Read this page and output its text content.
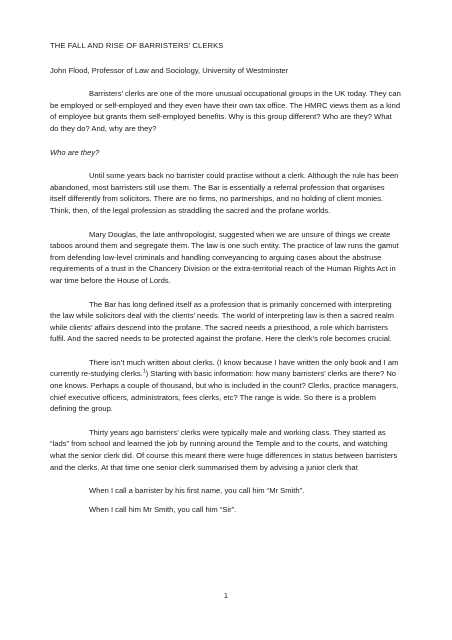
THE FALL AND RISE OF BARRISTERS’ CLERKS

John Flood, Professor of Law and Sociology, University of Westminster

Barristers’ clerks are one of the more unusual occupational groups in the UK today. They can be employed or self-employed and they even have their own tax office. The HMRC views them as a kind of employee but grants them self-employed benefits. Why is this group different? Who are they? What do they do? And, why are they?

Who are they?

Until some years back no barrister could practise without a clerk. Although the rule has been abandoned, most barristers still use them. The Bar is essentially a referral profession that organises itself differently from solicitors. There are no firms, no partnerships, and no holding of client monies. Think, then, of the legal profession as straddling the sacred and the profane worlds.

Mary Douglas, the late anthropologist, suggested when we are unsure of things we create taboos around them and segregate them. The law is one such entity. The practice of law runs the gamut from defending low-level criminals and handling conveyancing to arguing cases about the abstruse requirements of a trust in the Chancery Division or the extra-territorial reach of the Human Rights Act in war time before the House of Lords.

The Bar has long defined itself as a profession that is primarily concerned with interpreting the law while solicitors deal with the clients’ needs. The world of interpreting law is then a sacred realm while clients’ affairs descend into the profane. The sacred needs a priesthood, a role which barristers fulfil. And the sacred needs to be protected against the profane. Here the clerk’s role becomes crucial.

There isn’t much written about clerks. (I know because I have written the only book and I am currently re-studying clerks.$^1$) Starting with basic information: how many barristers’ clerks are there? No one knows. Perhaps a couple of thousand, but who is included in the count? Clerks, practice managers, chief executive officers, administrators, fees clerks, etc? The range is wide. So there is a problem defining the group.

Thirty years ago barristers’ clerks were typically male and working class. They started as “lads” from school and learned the job by running around the Temple and to the courts, and watching what the senior clerk did. Of course this meant there were huge differences in status between barristers and the clerks. At that time one senior clerk summarised them by advising a junior clerk that

When I call a barrister by his first name, you call him “Mr Smith”.

When I call him Mr Smith, you call him “Sir”.

1
